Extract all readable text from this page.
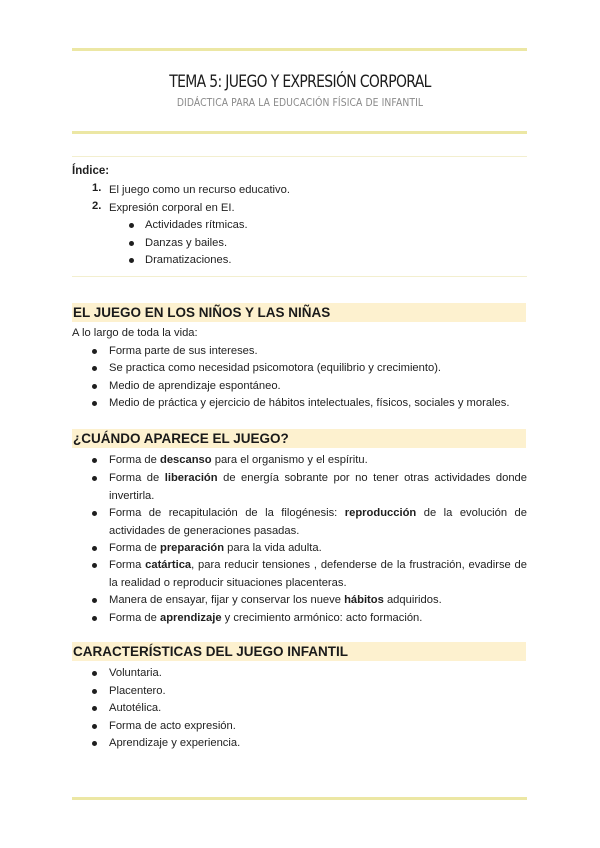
TEMA 5: JUEGO Y EXPRESIÓN CORPORAL
DIDÁCTICA PARA LA EDUCACIÓN FÍSICA DE INFANTIL
Índice:
1. El juego como un recurso educativo.
2. Expresión corporal en EI.
Actividades rítmicas.
Danzas y bailes.
Dramatizaciones.
EL JUEGO EN LOS NIÑOS Y LAS NIÑAS
A lo largo de toda la vida:
Forma parte de sus intereses.
Se practica como necesidad psicomotora (equilibrio y crecimiento).
Medio de aprendizaje espontáneo.
Medio de práctica y ejercicio de hábitos intelectuales, físicos, sociales y morales.
¿CUÁNDO APARECE EL JUEGO?
Forma de descanso para el organismo y el espíritu.
Forma de liberación de energía sobrante por no tener otras actividades donde invertirla.
Forma de recapitulación de la filogénesis: reproducción de la evolución de actividades de generaciones pasadas.
Forma de preparación para la vida adulta.
Forma catártica, para reducir tensiones , defenderse de la frustración, evadirse de la realidad o reproducir situaciones placenteras.
Manera de ensayar, fijar y conservar los nueve hábitos adquiridos.
Forma de aprendizaje y crecimiento armónico: acto formación.
CARACTERÍSTICAS DEL JUEGO INFANTIL
Voluntaria.
Placentero.
Autotélica.
Forma de acto expresión.
Aprendizaje y experiencia.
